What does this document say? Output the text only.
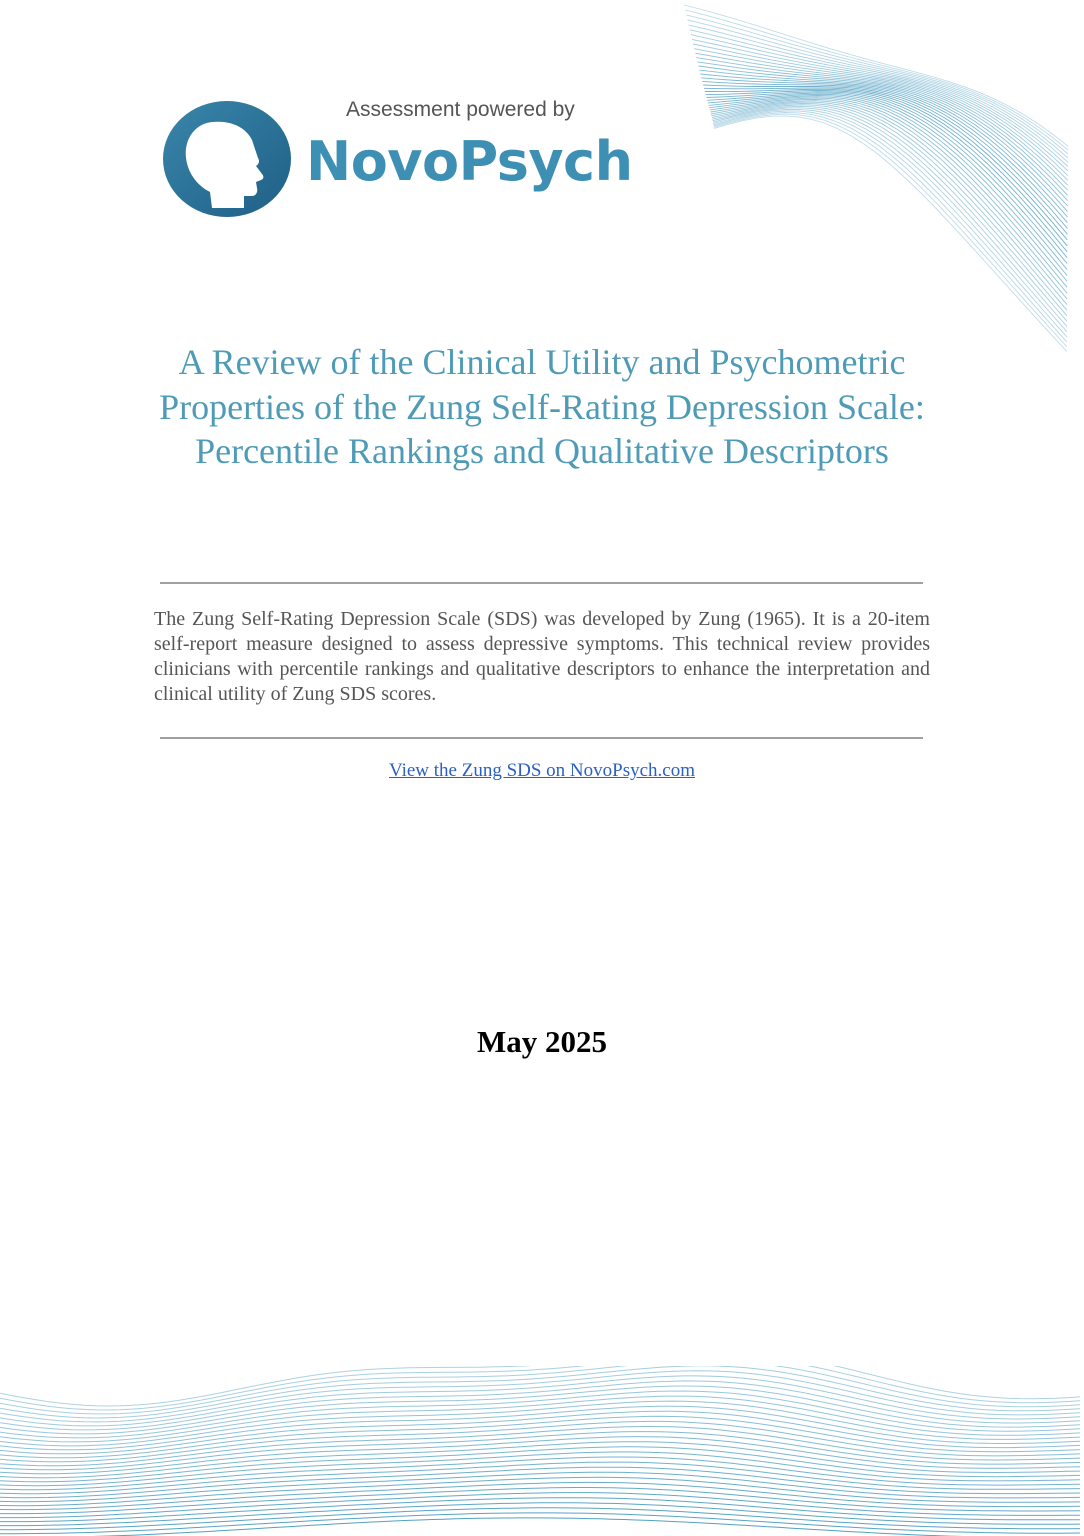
Assessment powered by
NovoPsych
A Review of the Clinical Utility and Psychometric Properties of the Zung Self-Rating Depression Scale: Percentile Rankings and Qualitative Descriptors

The Zung Self-Rating Depression Scale (SDS) was developed by Zung (1965). It is a 20-item self-report measure designed to assess depressive symptoms. This technical review provides clinicians with percentile rankings and qualitative descriptors to enhance the interpretation and clinical utility of Zung SDS scores.

View the Zung SDS on NovoPsych.com
May 2025
